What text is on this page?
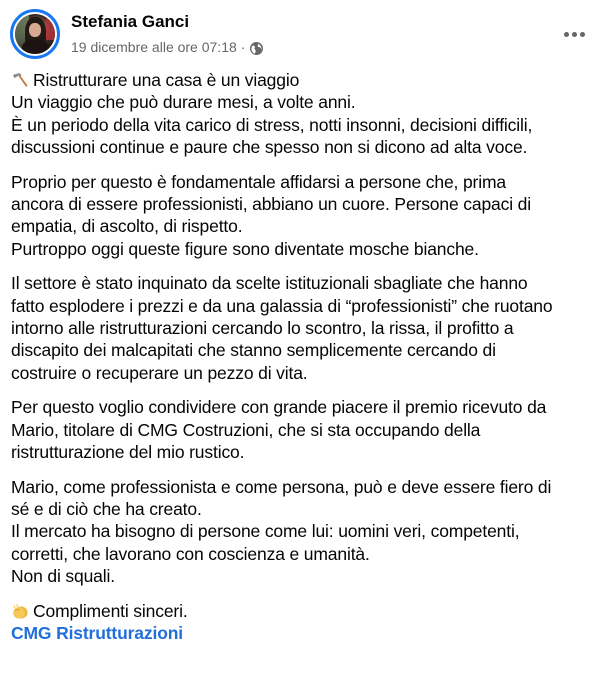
Stefania Ganci
19 dicembre alle ore 07:18 ·
Ristrutturare una casa è un viaggio
Un viaggio che può durare mesi, a volte anni.
È un periodo della vita carico di stress, notti insonni, decisioni difficili,
discussioni continue e paure che spesso non si dicono ad alta voce.
Proprio per questo è fondamentale affidarsi a persone che, prima
ancora di essere professionisti, abbiano un cuore. Persone capaci di
empatia, di ascolto, di rispetto.
Purtroppo oggi queste figure sono diventate mosche bianche.
Il settore è stato inquinato da scelte istituzionali sbagliate che hanno
fatto esplodere i prezzi e da una galassia di “professionisti” che ruotano
intorno alle ristrutturazioni cercando lo scontro, la rissa, il profitto a
discapito dei malcapitati che stanno semplicemente cercando di
costruire o recuperare un pezzo di vita.
Per questo voglio condividere con grande piacere il premio ricevuto da
Mario, titolare di CMG Costruzioni, che si sta occupando della
ristrutturazione del mio rustico.
Mario, come professionista e come persona, può e deve essere fiero di
sé e di ciò che ha creato.
Il mercato ha bisogno di persone come lui: uomini veri, competenti,
corretti, che lavorano con coscienza e umanità.
Non di squali.
Complimenti sinceri.
CMG Ristrutturazioni
